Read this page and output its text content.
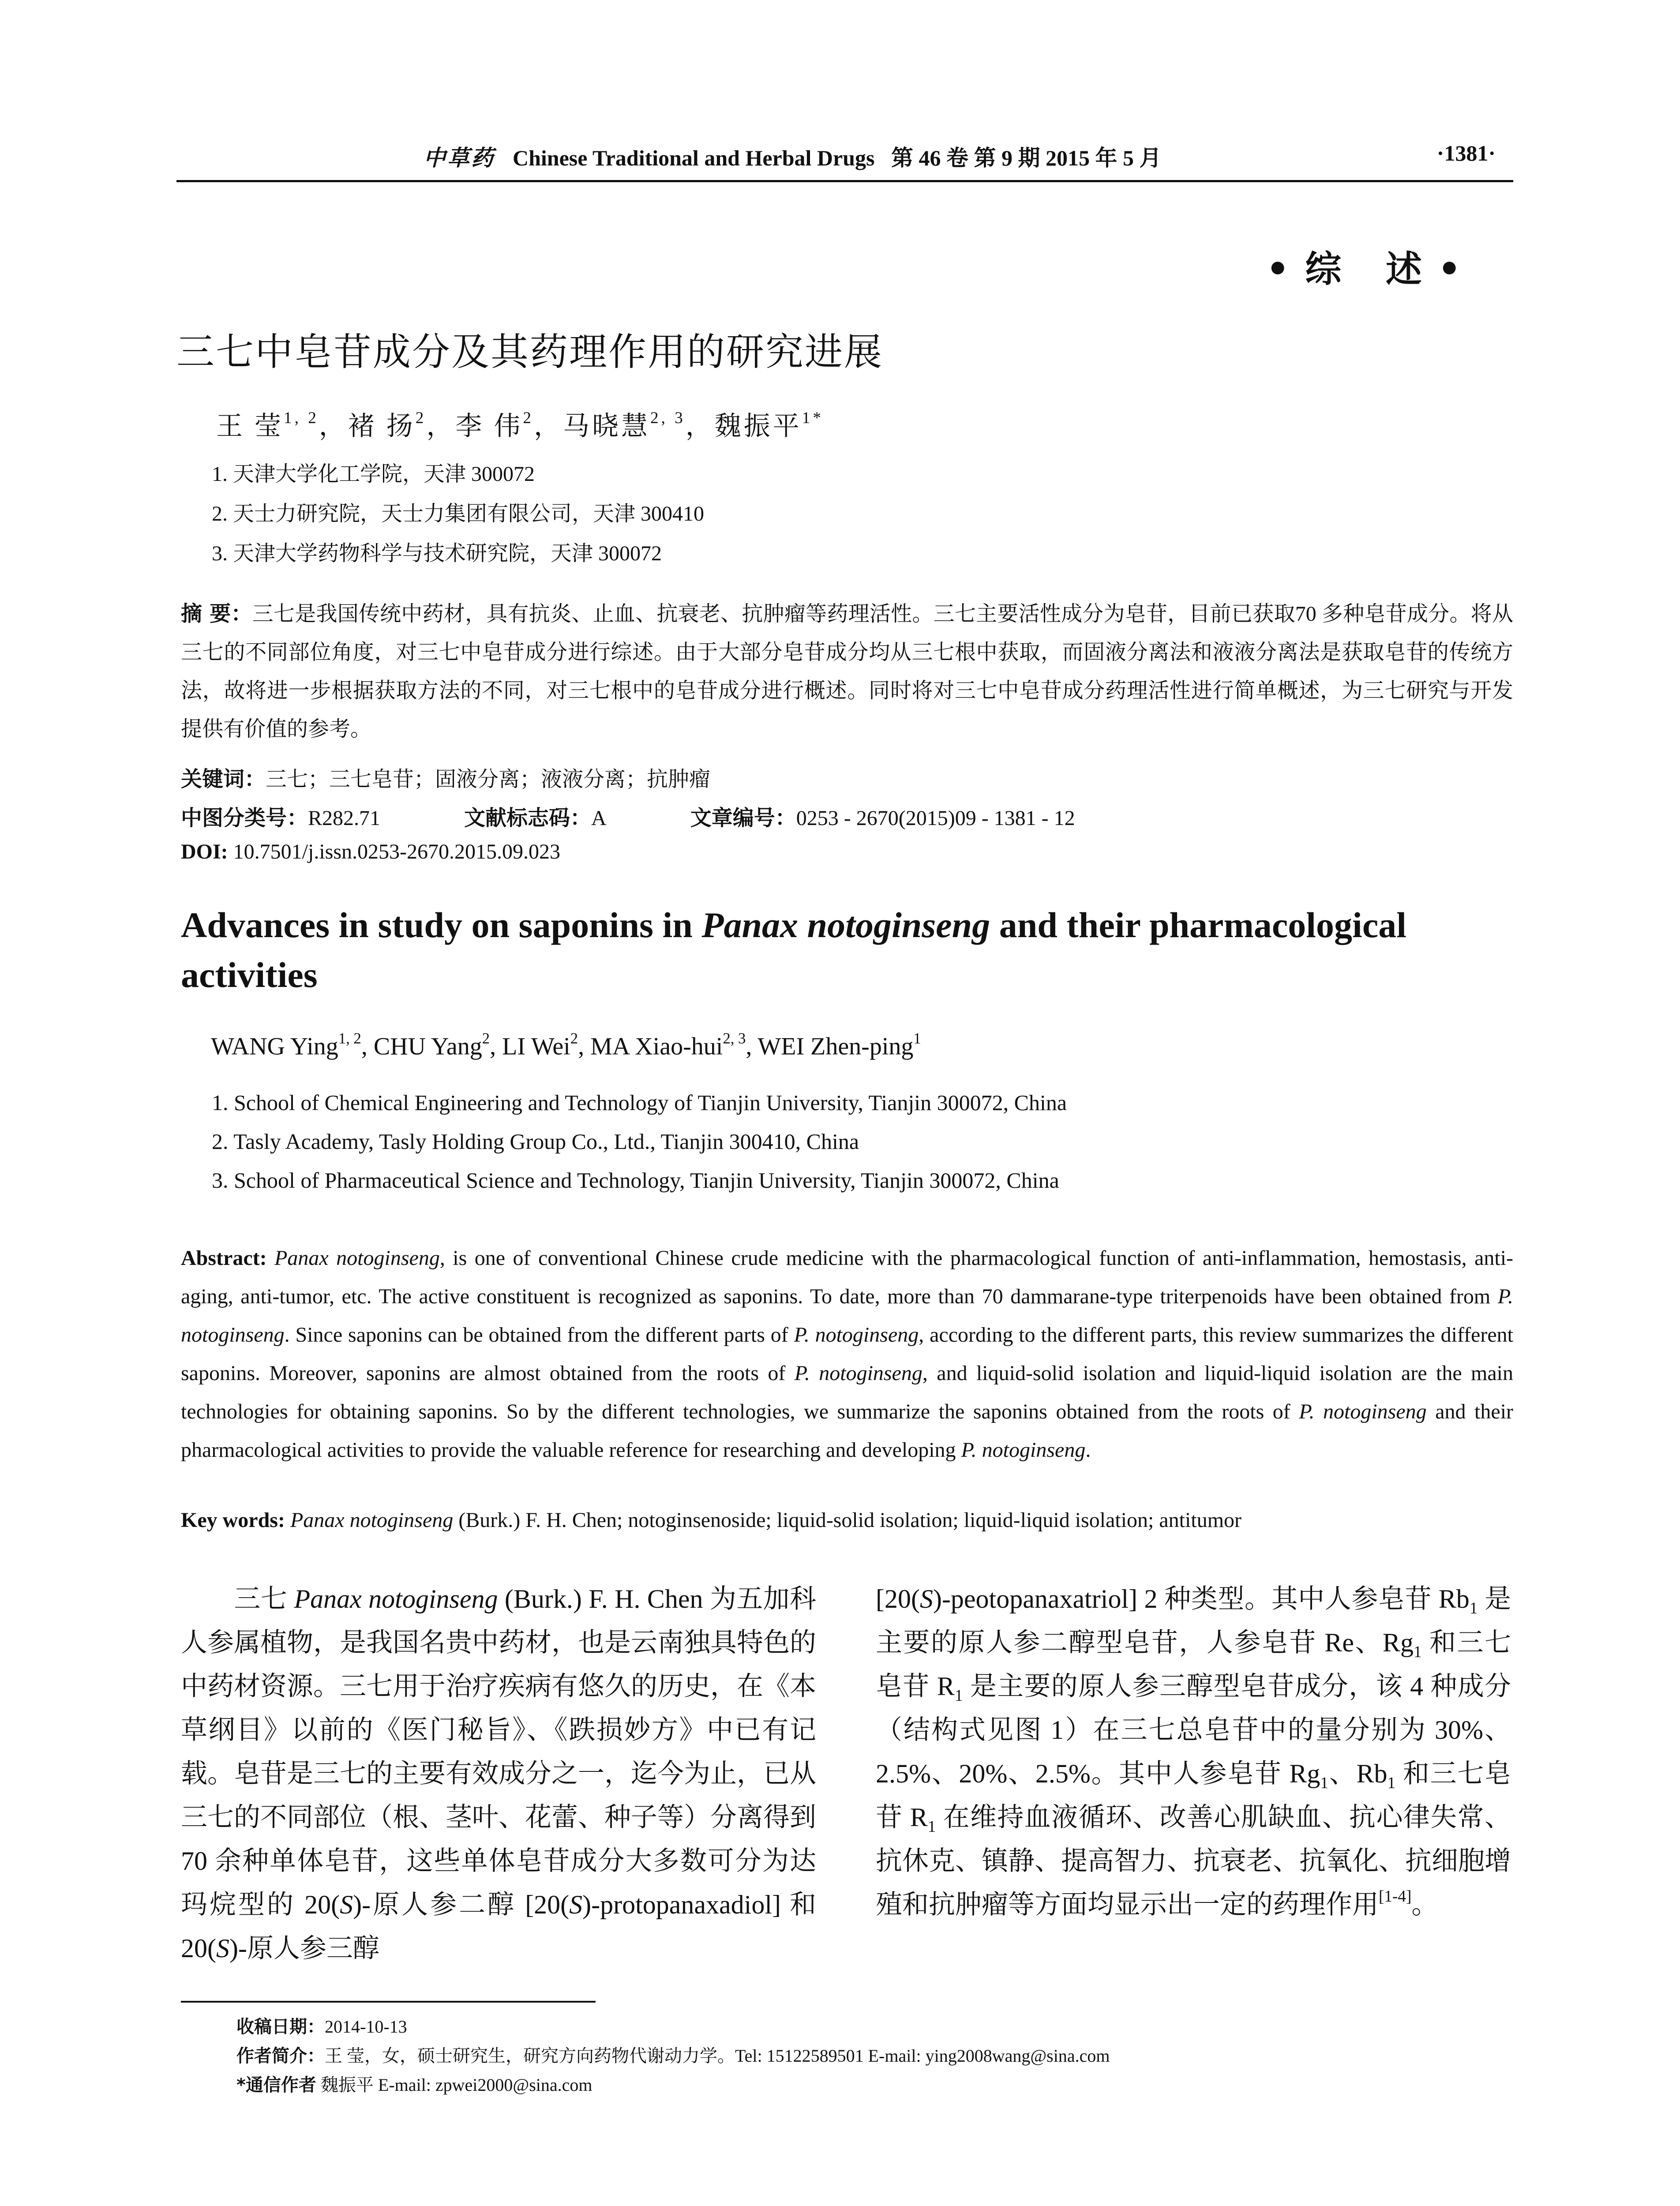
中草药 Chinese Traditional and Herbal Drugs 第 46 卷 第 9 期 2015 年 5 月	·1381·
•综 述•
三七中皂苷成分及其药理作用的研究进展
王 莹$^{1, 2}$，褚 扬$^2$，李 伟$^2$，马晓慧$^{2, 3}$，魏振平$^{1*}$
1. 天津大学化工学院，天津 300072
2. 天士力研究院，天士力集团有限公司，天津 300410
3. 天津大学药物科学与技术研究院，天津 300072
摘 要：三七是我国传统中药材，具有抗炎、止血、抗衰老、抗肿瘤等药理活性。三七主要活性成分为皂苷，目前已获取70 多种皂苷成分。将从三七的不同部位角度，对三七中皂苷成分进行综述。由于大部分皂苷成分均从三七根中获取，而固液分离法和液液分离法是获取皂苷的传统方法，故将进一步根据获取方法的不同，对三七根中的皂苷成分进行概述。同时将对三七中皂苷成分药理活性进行简单概述，为三七研究与开发提供有价值的参考。
关键词：三七；三七皂苷；固液分离；液液分离；抗肿瘤
中图分类号：R282.71	文献标志码：A	文章编号：0253 - 2670(2015)09 - 1381 - 12
DOI: 10.7501/j.issn.0253-2670.2015.09.023
Advances in study on saponins in Panax notoginseng and their pharmacological activities
WANG Ying$^{1, 2}$, CHU Yang$^2$, LI Wei$^2$, MA Xiao-hui$^{2, 3}$, WEI Zhen-ping$^1$
1. School of Chemical Engineering and Technology of Tianjin University, Tianjin 300072, China
2. Tasly Academy, Tasly Holding Group Co., Ltd., Tianjin 300410, China
3. School of Pharmaceutical Science and Technology, Tianjin University, Tianjin 300072, China
Abstract: Panax notoginseng, is one of conventional Chinese crude medicine with the pharmacological function of anti-inflammation, hemostasis, anti-aging, anti-tumor, etc. The active constituent is recognized as saponins. To date, more than 70 dammarane-type triterpenoids have been obtained from P. notoginseng. Since saponins can be obtained from the different parts of P. notoginseng, according to the different parts, this review summarizes the different saponins. Moreover, saponins are almost obtained from the roots of P. notoginseng, and liquid-solid isolation and liquid-liquid isolation are the main technologies for obtaining saponins. So by the different technologies, we summarize the saponins obtained from the roots of P. notoginseng and their pharmacological activities to provide the valuable reference for researching and developing P. notoginseng.
Key words: Panax notoginseng (Burk.) F. H. Chen; notoginsenoside; liquid-solid isolation; liquid-liquid isolation; antitumor
三七 Panax notoginseng (Burk.) F. H. Chen 为五加科人参属植物，是我国名贵中药材，也是云南独具特色的中药材资源。三七用于治疗疾病有悠久的历史，在《本草纲目》以前的《医门秘旨》、《跌损妙方》中已有记载。皂苷是三七的主要有效成分之一，迄今为止，已从三七的不同部位（根、茎叶、花蕾、种子等）分离得到 70 余种单体皂苷，这些单体皂苷成分大多数可分为达玛烷型的 20(S)-原人参二醇 [20(S)-protopanaxadiol] 和 20(S)-原人参三醇
[20(S)-peotopanaxatriol] 2 种类型。其中人参皂苷 $Rb_1$ 是主要的原人参二醇型皂苷，人参皂苷 Re、$Rg_1$ 和三七皂苷 $R_1$ 是主要的原人参三醇型皂苷成分，该 4 种成分（结构式见图 1）在三七总皂苷中的量分别为 30%、2.5%、20%、2.5%。其中人参皂苷 $Rg_1$、$Rb_1$ 和三七皂苷 $R_1$ 在维持血液循环、改善心肌缺血、抗心律失常、抗休克、镇静、提高智力、抗衰老、抗氧化、抗细胞增殖和抗肿瘤等方面均显示出一定的药理作用[1-4]。
收稿日期：2014-10-13
作者简介：王 莹，女，硕士研究生，研究方向药物代谢动力学。Tel: 15122589501 E-mail: ying2008wang@sina.com
*通信作者 魏振平 E-mail: zpwei2000@sina.com
